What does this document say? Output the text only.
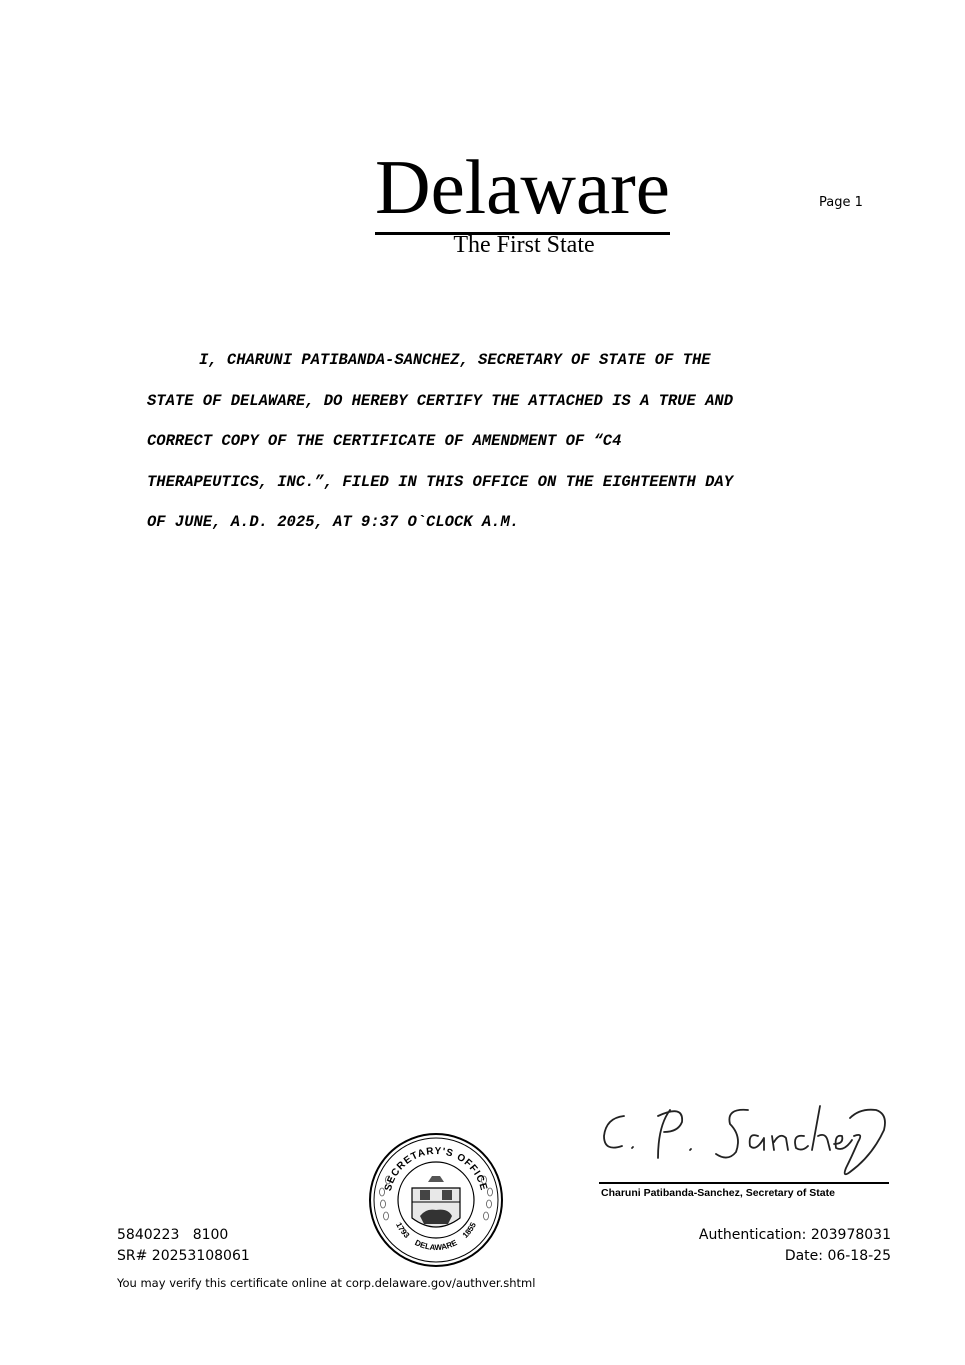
Delaware
The First State
Page 1
I, CHARUNI PATIBANDA-SANCHEZ, SECRETARY OF STATE OF THE
STATE OF DELAWARE, DO HEREBY CERTIFY THE ATTACHED IS A TRUE AND
CORRECT COPY OF THE CERTIFICATE OF AMENDMENT OF “C4
THERAPEUTICS, INC.”, FILED IN THIS OFFICE ON THE EIGHTEENTH DAY
OF JUNE, A.D. 2025, AT 9:37 O`CLOCK A.M.
SECRETARY'S OFFICE
1793
DELAWARE
1855
Charuni Patibanda-Sanchez, Secretary of State
5840223   8100
SR# 20253108061
Authentication: 203978031
Date: 06-18-25
You may verify this certificate online at corp.delaware.gov/authver.shtml
